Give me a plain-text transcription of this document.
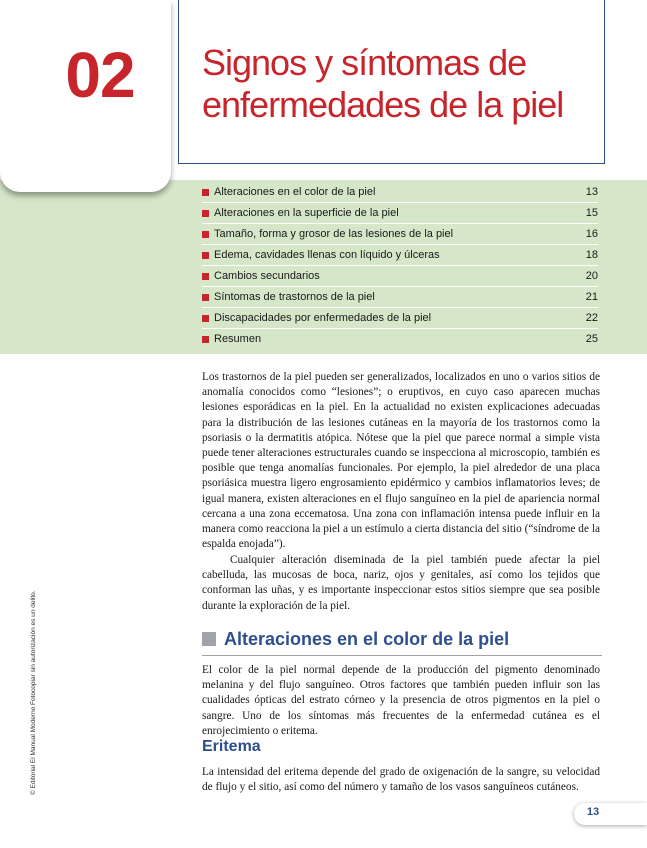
02	Signos y síntomas de
enfermedades de la piel
Alteraciones en el color de la piel	13
Alteraciones en la superficie de la piel	15
Tamaño, forma y grosor de las lesiones de la piel	16
Edema, cavidades llenas con líquido y úlceras	18
Cambios secundarios	20
Síntomas de trastornos de la piel	21
Discapacidades por enfermedades de la piel	22
Resumen	25

Los trastornos de la piel pueden ser generalizados, localizados en uno o varios sitios de anomalía conocidos como “lesiones”; o eruptivos, en cuyo caso aparecen muchas lesiones esporádicas en la piel. En la actualidad no existen explicaciones adecuadas para la distribución de las lesiones cutáneas en la mayoría de los trastornos como la psoriasis o la dermatitis atópica. Nótese que la piel que parece normal a simple vista puede tener alteraciones estructurales cuando se inspecciona al microscopio, también es posible que tenga anomalías funcionales. Por ejemplo, la piel alrededor de una placa psoriásica muestra ligero engrosamiento epidérmico y cambios inflamatorios leves; de igual manera, existen alteraciones en el flujo sanguíneo en la piel de apariencia normal cercana a una zona eccematosa. Una zona con inflamación intensa puede influir en la manera como reacciona la piel a un estímulo a cierta distancia del sitio (“síndrome de la espalda enojada”).

Cualquier alteración diseminada de la piel también puede afectar la piel cabelluda, las mucosas de boca, nariz, ojos y genitales, así como los tejidos que conforman las uñas, y es importante inspeccionar estos sitios siempre que sea posible durante la exploración de la piel.

Alteraciones en el color de la piel

El color de la piel normal depende de la producción del pigmento denominado melanina y del flujo sanguíneo. Otros factores que también pueden influir son las cualidades ópticas del estrato córneo y la presencia de otros pigmentos en la piel o sangre. Uno de los síntomas más frecuentes de la enfermedad cutánea es el enrojecimiento o eritema.

Eritema

La intensidad del eritema depende del grado de oxigenación de la sangre, su velocidad de flujo y el sitio, así como del número y tamaño de los vasos sanguíneos cutáneos.

© Editorial El Manual Moderno Fotocopiar sin autorización es un delito.
13
